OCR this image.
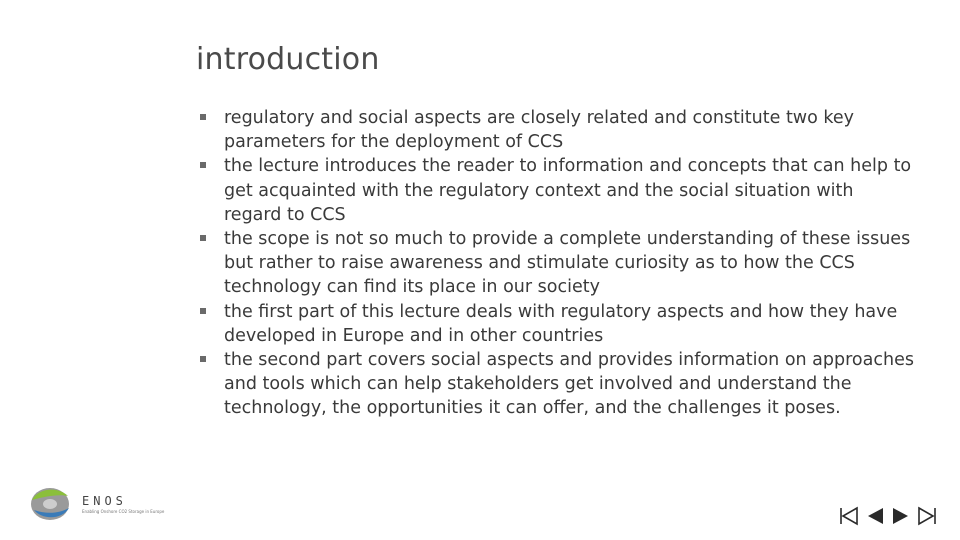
introduction
regulatory and social aspects are closely related and constitute two key parameters for the deployment of CCS
the lecture introduces the reader to information and concepts that can help to get acquainted with the regulatory context and the social situation with regard to CCS
the scope is not so much to provide a complete understanding of these issues but rather to raise awareness and stimulate curiosity as to how the CCS technology can find its place in our society
the first part of this lecture deals with regulatory aspects and how they have developed in Europe and in other countries
the second part covers social aspects and provides information on approaches and tools which can help stakeholders get involved and understand the technology, the opportunities it can offer, and the challenges it poses.
ENOS
Enabling Onshore CO2 Storage in Europe
